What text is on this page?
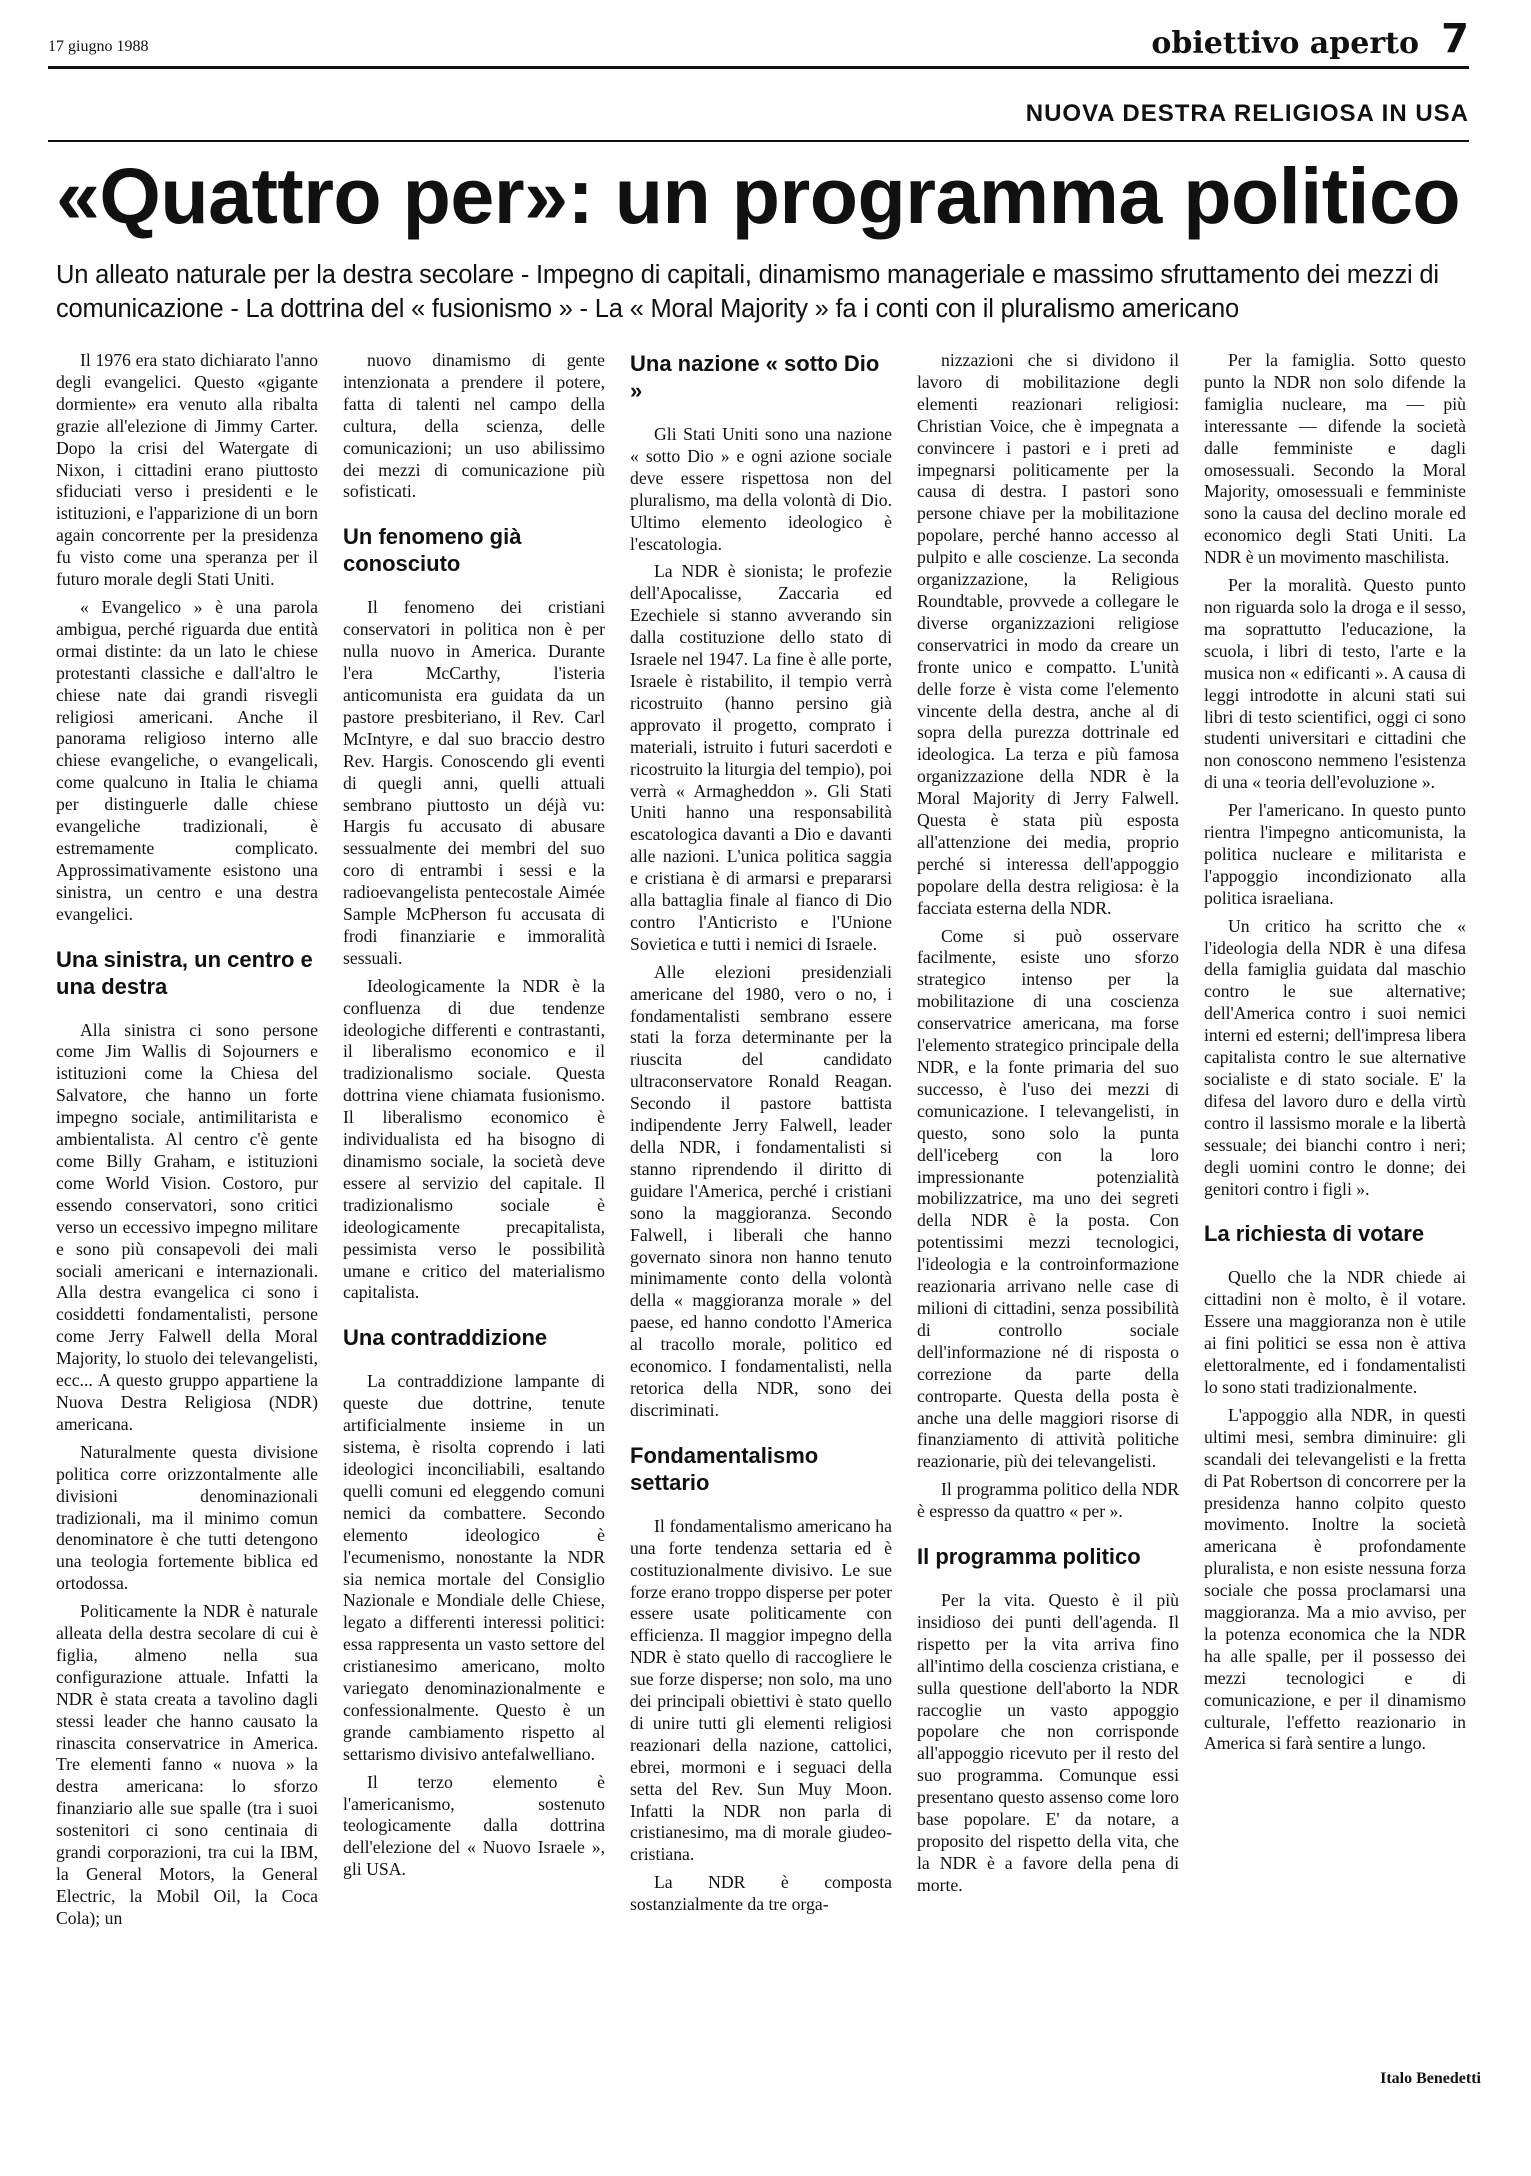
17 giugno 1988	obiettivo aperto 7
NUOVA DESTRA RELIGIOSA IN USA
«Quattro per»: un programma politico
Un alleato naturale per la destra secolare - Impegno di capitali, dinamismo manageriale e massimo sfruttamento dei mezzi di comunicazione - La dottrina del « fusionismo » - La « Moral Majority » fa i conti con il pluralismo americano

Il 1976 era stato dichiarato l'anno degli evangelici. Questo «gigante dormiente» era venuto alla ribalta grazie all'elezione di Jimmy Carter. Dopo la crisi del Watergate di Nixon, i cittadini erano piuttosto sfiduciati verso i presidenti e le istituzioni, e l'apparizione di un born again concorrente per la presidenza fu visto come una speranza per il futuro morale degli Stati Uniti.

« Evangelico » è una parola ambigua, perché riguarda due entità ormai distinte: da un lato le chiese protestanti classiche e dall'altro le chiese nate dai grandi risvegli religiosi americani. Anche il panorama religioso interno alle chiese evangeliche, o evangelicali, come qualcuno in Italia le chiama per distinguerle dalle chiese evangeliche tradizionali, è estremamente complicato. Approssimativamente esistono una sinistra, un centro e una destra evangelici.

Una sinistra, un centro e una destra

Alla sinistra ci sono persone come Jim Wallis di Sojourners e istituzioni come la Chiesa del Salvatore, che hanno un forte impegno sociale, antimilitarista e ambientalista. Al centro c'è gente come Billy Graham, e istituzioni come World Vision. Costoro, pur essendo conservatori, sono critici verso un eccessivo impegno militare e sono più consapevoli dei mali sociali americani e internazionali. Alla destra evangelica ci sono i cosiddetti fondamentalisti, persone come Jerry Falwell della Moral Majority, lo stuolo dei televangelisti, ecc... A questo gruppo appartiene la Nuova Destra Religiosa (NDR) americana.

Naturalmente questa divisione politica corre orizzontalmente alle divisioni denominazionali tradizionali, ma il minimo comun denominatore è che tutti detengono una teologia fortemente biblica ed ortodossa.

Politicamente la NDR è naturale alleata della destra secolare di cui è figlia, almeno nella sua configurazione attuale. Infatti la NDR è stata creata a tavolino dagli stessi leader che hanno causato la rinascita conservatrice in America. Tre elementi fanno « nuova » la destra americana: lo sforzo finanziario alle sue spalle (tra i suoi sostenitori ci sono centinaia di grandi corporazioni, tra cui la IBM, la General Motors, la General Electric, la Mobil Oil, la Coca Cola); un

nuovo dinamismo di gente intenzionata a prendere il potere, fatta di talenti nel campo della cultura, della scienza, delle comunicazioni; un uso abilissimo dei mezzi di comunicazione più sofisticati.

Un fenomeno già conosciuto

Il fenomeno dei cristiani conservatori in politica non è per nulla nuovo in America. Durante l'era McCarthy, l'isteria anticomunista era guidata da un pastore presbiteriano, il Rev. Carl McIntyre, e dal suo braccio destro Rev. Hargis. Conoscendo gli eventi di quegli anni, quelli attuali sembrano piuttosto un déjà vu: Hargis fu accusato di abusare sessualmente dei membri del suo coro di entrambi i sessi e la radioevangelista pentecostale Aimée Sample McPherson fu accusata di frodi finanziarie e immoralità sessuali.

Ideologicamente la NDR è la confluenza di due tendenze ideologiche differenti e contrastanti, il liberalismo economico e il tradizionalismo sociale. Questa dottrina viene chiamata fusionismo. Il liberalismo economico è individualista ed ha bisogno di dinamismo sociale, la società deve essere al servizio del capitale. Il tradizionalismo sociale è ideologicamente precapitalista, pessimista verso le possibilità umane e critico del materialismo capitalista.

Una contraddizione

La contraddizione lampante di queste due dottrine, tenute artificialmente insieme in un sistema, è risolta coprendo i lati ideologici inconciliabili, esaltando quelli comuni ed eleggendo comuni nemici da combattere. Secondo elemento ideologico è l'ecumenismo, nonostante la NDR sia nemica mortale del Consiglio Nazionale e Mondiale delle Chiese, legato a differenti interessi politici: essa rappresenta un vasto settore del cristianesimo americano, molto variegato denominazionalmente e confessionalmente. Questo è un grande cambiamento rispetto al settarismo divisivo antefalwelliano.

Il terzo elemento è l'americanismo, sostenuto teologicamente dalla dottrina dell'elezione del « Nuovo Israele », gli USA.

Una nazione « sotto Dio »

Gli Stati Uniti sono una nazione « sotto Dio » e ogni azione sociale deve essere rispettosa non del pluralismo, ma della volontà di Dio. Ultimo elemento ideologico è l'escatologia.

La NDR è sionista; le profezie dell'Apocalisse, Zaccaria ed Ezechiele si stanno avverando sin dalla costituzione dello stato di Israele nel 1947. La fine è alle porte, Israele è ristabilito, il tempio verrà ricostruito (hanno persino già approvato il progetto, comprato i materiali, istruito i futuri sacerdoti e ricostruito la liturgia del tempio), poi verrà « Armagheddon ». Gli Stati Uniti hanno una responsabilità escatologica davanti a Dio e davanti alle nazioni. L'unica politica saggia e cristiana è di armarsi e prepararsi alla battaglia finale al fianco di Dio contro l'Anticristo e l'Unione Sovietica e tutti i nemici di Israele.

Alle elezioni presidenziali americane del 1980, vero o no, i fondamentalisti sembrano essere stati la forza determinante per la riuscita del candidato ultraconservatore Ronald Reagan. Secondo il pastore battista indipendente Jerry Falwell, leader della NDR, i fondamentalisti si stanno riprendendo il diritto di guidare l'America, perché i cristiani sono la maggioranza. Secondo Falwell, i liberali che hanno governato sinora non hanno tenuto minimamente conto della volontà della « maggioranza morale » del paese, ed hanno condotto l'America al tracollo morale, politico ed economico. I fondamentalisti, nella retorica della NDR, sono dei discriminati.

Fondamentalismo settario

Il fondamentalismo americano ha una forte tendenza settaria ed è costituzionalmente divisivo. Le sue forze erano troppo disperse per poter essere usate politicamente con efficienza. Il maggior impegno della NDR è stato quello di raccogliere le sue forze disperse; non solo, ma uno dei principali obiettivi è stato quello di unire tutti gli elementi religiosi reazionari della nazione, cattolici, ebrei, mormoni e i seguaci della setta del Rev. Sun Muy Moon. Infatti la NDR non parla di cristianesimo, ma di morale giudeo-cristiana.

La NDR è composta sostanzialmente da tre orga-

nizzazioni che si dividono il lavoro di mobilitazione degli elementi reazionari religiosi: Christian Voice, che è impegnata a convincere i pastori e i preti ad impegnarsi politicamente per la causa di destra. I pastori sono persone chiave per la mobilitazione popolare, perché hanno accesso al pulpito e alle coscienze. La seconda organizzazione, la Religious Roundtable, provvede a collegare le diverse organizzazioni religiose conservatrici in modo da creare un fronte unico e compatto. L'unità delle forze è vista come l'elemento vincente della destra, anche al di sopra della purezza dottrinale ed ideologica. La terza e più famosa organizzazione della NDR è la Moral Majority di Jerry Falwell. Questa è stata più esposta all'attenzione dei media, proprio perché si interessa dell'appoggio popolare della destra religiosa: è la facciata esterna della NDR.

Come si può osservare facilmente, esiste uno sforzo strategico intenso per la mobilitazione di una coscienza conservatrice americana, ma forse l'elemento strategico principale della NDR, e la fonte primaria del suo successo, è l'uso dei mezzi di comunicazione. I televangelisti, in questo, sono solo la punta dell'iceberg con la loro impressionante potenzialità mobilizzatrice, ma uno dei segreti della NDR è la posta. Con potentissimi mezzi tecnologici, l'ideologia e la controinformazione reazionaria arrivano nelle case di milioni di cittadini, senza possibilità di controllo sociale dell'informazione né di risposta o correzione da parte della controparte. Questa della posta è anche una delle maggiori risorse di finanziamento di attività politiche reazionarie, più dei televangelisti.

Il programma politico della NDR è espresso da quattro « per ».

Il programma politico

Per la vita. Questo è il più insidioso dei punti dell'agenda. Il rispetto per la vita arriva fino all'intimo della coscienza cristiana, e sulla questione dell'aborto la NDR raccoglie un vasto appoggio popolare che non corrisponde all'appoggio ricevuto per il resto del suo programma. Comunque essi presentano questo assenso come loro base popolare. E' da notare, a proposito del rispetto della vita, che la NDR è a favore della pena di morte.

Per la famiglia. Sotto questo punto la NDR non solo difende la famiglia nucleare, ma — più interessante — difende la società dalle femministe e dagli omosessuali. Secondo la Moral Majority, omosessuali e femministe sono la causa del declino morale ed economico degli Stati Uniti. La NDR è un movimento maschilista.

Per la moralità. Questo punto non riguarda solo la droga e il sesso, ma soprattutto l'educazione, la scuola, i libri di testo, l'arte e la musica non « edificanti ». A causa di leggi introdotte in alcuni stati sui libri di testo scientifici, oggi ci sono studenti universitari e cittadini che non conoscono nemmeno l'esistenza di una « teoria dell'evoluzione ».

Per l'americano. In questo punto rientra l'impegno anticomunista, la politica nucleare e militarista e l'appoggio incondizionato alla politica israeliana.

Un critico ha scritto che « l'ideologia della NDR è una difesa della famiglia guidata dal maschio contro le sue alternative; dell'America contro i suoi nemici interni ed esterni; dell'impresa libera capitalista contro le sue alternative socialiste e di stato sociale. E' la difesa del lavoro duro e della virtù contro il lassismo morale e la libertà sessuale; dei bianchi contro i neri; degli uomini contro le donne; dei genitori contro i figli ».

La richiesta di votare

Quello che la NDR chiede ai cittadini non è molto, è il votare. Essere una maggioranza non è utile ai fini politici se essa non è attiva elettoralmente, ed i fondamentalisti lo sono stati tradizionalmente.

L'appoggio alla NDR, in questi ultimi mesi, sembra diminuire: gli scandali dei televangelisti e la fretta di Pat Robertson di concorrere per la presidenza hanno colpito questo movimento. Inoltre la società americana è profondamente pluralista, e non esiste nessuna forza sociale che possa proclamarsi una maggioranza. Ma a mio avviso, per la potenza economica che la NDR ha alle spalle, per il possesso dei mezzi tecnologici e di comunicazione, e per il dinamismo culturale, l'effetto reazionario in America si farà sentire a lungo.

Italo Benedetti
